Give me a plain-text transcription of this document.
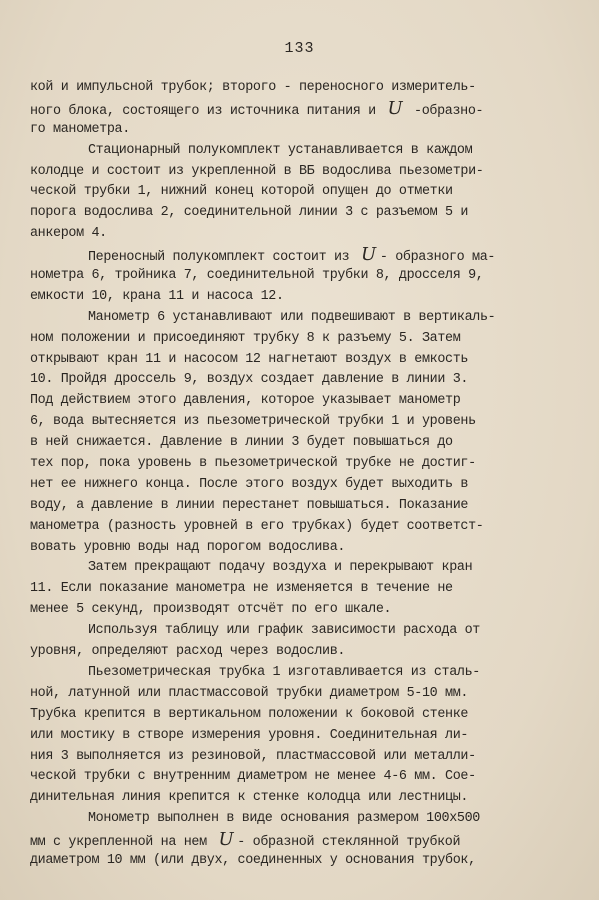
133
кой и импульсной трубок; второго - переносного измеритель-
ного блока, состоящего из источника питания и U -образно-
го манометра.
Стационарный полукомплект устанавливается в каждом
колодце и состоит из укрепленной в ВБ водослива пьезометри-
ческой трубки 1, нижний конец которой опущен до отметки
порога водослива 2, соединительной линии 3 с разъемом 5 и
анкером 4.
Переносный полукомплект состоит из U - образного ма-
нометра 6, тройника 7, соединительной трубки 8, дросселя 9,
емкости 10, крана 11 и насоса 12.
Манометр 6 устанавливают или подвешивают в вертикаль-
ном положении и присоединяют трубку 8 к разъему 5. Затем
открывают кран 11 и насосом 12 нагнетают воздух в емкость
10. Пройдя дроссель 9, воздух создает давление в линии 3.
Под действием этого давления, которое указывает манометр
6, вода вытесняется из пьезометрической трубки 1 и уровень
в ней снижается. Давление в линии 3 будет повышаться до
тех пор, пока уровень в пьезометрической трубке не достиг-
нет ее нижнего конца. После этого воздух будет выходить в
воду, а давление в линии перестанет повышаться. Показание
манометра (разность уровней в его трубках) будет соответст-
вовать уровню воды над порогом водослива.
Затем прекращают подачу воздуха и перекрывают кран
11. Если показание манометра не изменяется в течение не
менее 5 секунд, производят отсчёт по его шкале.
Используя таблицу или график зависимости расхода от
уровня, определяют расход через водослив.
Пьезометрическая трубка 1 изготавливается из сталь-
ной, латунной или пластмассовой трубки диаметром 5-10 мм.
Трубка крепится в вертикальном положении к боковой стенке
или мостику в створе измерения уровня. Соединительная ли-
ния 3 выполняется из резиновой, пластмассовой или металли-
ческой трубки с внутренним диаметром не менее 4-6 мм. Сое-
динительная линия крепится к стенке колодца или лестницы.
Монометр выполнен в виде основания размером 100х500
мм с укрепленной на нем U - образной стеклянной трубкой
диаметром 10 мм (или двух, соединенных у основания трубок,
